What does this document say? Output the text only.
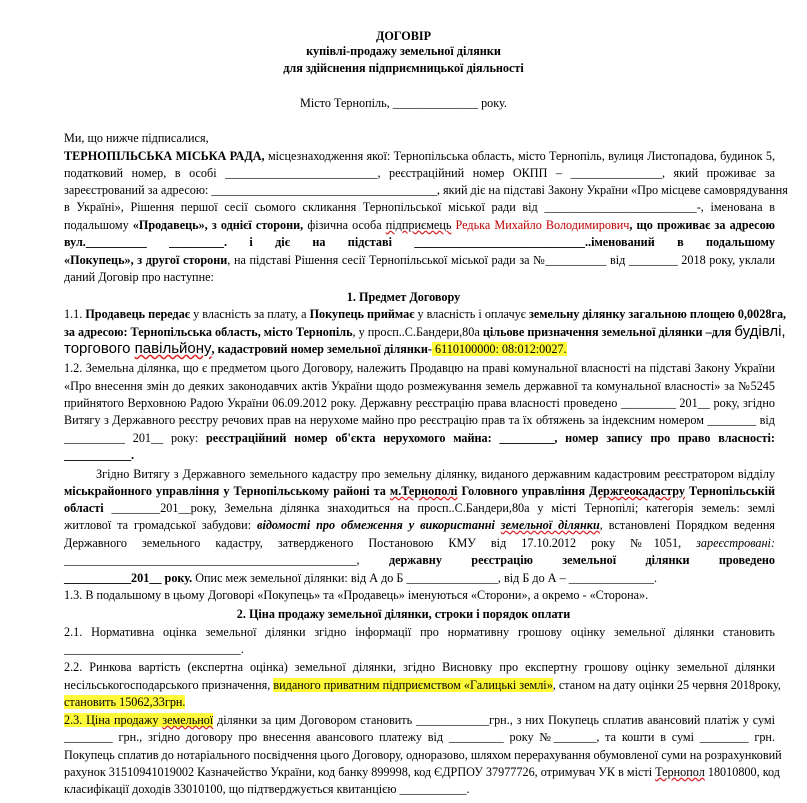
ДОГОВІР
купівлі-продажу земельної ділянки
для здійснення підприємницької діяльності
Місто Тернопіль, ______________ року.
Ми, що нижче підписалися,
ТЕРНОПІЛЬСЬКА МІСЬКА РАДА, місцезнаходження якої: Тернопільська область, місто Тернопіль, вулиця Листопадова, будинок 5,
податковий номер, в особі _________________________, реєстраційний номер ОКПП – _______________, який проживає за
зареєстрований за адресою: _____________________________________, який діє на підставі Закону України «Про місцеве самоврядування
в Україні», Рішення першої сесії сьомого скликання Тернопільської міської ради від _________________________-, іменована в
подальшому «Продавець», з однієї сторони, фізична особа підприємець Редька Михайло Володимирович, що проживає за адресою
вул.__________ _________. і діє на підставі ____________________________..іменований в подальшому
«Покупець», з другої сторони, на підставі Рішення сесії Тернопільської міської ради за №__________ від ________ 2018 року, уклали
даний Договір про наступне:
1. Предмет Договору
1.1. Продавець передає у власність за плату, а Покупець приймає у власність і оплачує земельну ділянку загальною площею 0,0028га,
за адресою: Тернопільська область, місто Тернопіль, у просп..С.Бандери,80а цільове призначення земельної ділянки –для будівлі,
торгового павільйону, кадастровий номер земельної ділянки- 6110100000: 08:012:0027.
1.2. Земельна ділянка, що є предметом цього Договору, належить Продавцю на праві комунальної власності на підставі Закону України
«Про внесення змін до деяких законодавчих актів України щодо розмежування земель державної та комунальної власності» за №5245
прийнятого Верховною Радою України 06.09.2012 року. Державну реєстрацію права власності проведено _________ 201__ року, згідно
Витягу з Державного реєстру речових прав на нерухоме майно про реєстрацію прав та їх обтяжень за індексним номером ________ від
__________ 201__ року: реєстраційний номер об'єкта нерухомого майна: _________, номер запису про право власності:
___________.
Згідно Витягу з Державного земельного кадастру про земельну ділянку, виданого державним кадастровим реєстратором відділу
міськрайонного управління у Тернопільському районі та м.Тернополі Головного управління Держгеокадастру Тернопільській
області ________201__року, Земельна ділянка знаходиться на просп..С.Бандери,80а у місті Тернопілі; категорія земель: землі
житлової та громадської забудови: відомості про обмеження у використанні земельної ділянки, встановлені Порядком ведення
Державного земельного кадастру, затвердженого Постановою КМУ від 17.10.2012 року №1051, зареєстровані:
________________________________________________, державну реєстрацію земельної ділянки проведено
___________201__ року. Опис меж земельної ділянки: від А до Б _______________, від Б до А – ______________.
1.3. В подальшому в цьому Договорі «Покупець» та «Продавець» іменуються «Сторони», а окремо - «Сторона».
2. Ціна продажу земельної ділянки, строки і порядок оплати
2.1. Нормативна оцінка земельної ділянки згідно інформації про нормативну грошову оцінку земельної ділянки становить
_____________________________.
2.2. Ринкова вартість (експертна оцінка) земельної ділянки, згідно Висновку про експертну грошову оцінку земельної ділянки
несільськогосподарського призначення, виданого приватним підприємством «Галицькі землі», станом на дату оцінки 25 червня 2018року,
становить 15062,33грн.
2.3. Ціна продажу земельної ділянки за цим Договором становить ____________грн., з них Покупець сплатив авансовий платіж у сумі
________ грн., згідно договору про внесення авансового платежу від _________ року №_______, та кошти в сумі ________ грн.
Покупець сплатив до нотаріального посвідчення цього Договору, одноразово, шляхом перерахування обумовленої суми на розрахунковий
рахунок 31510941019002 Казначейство України, код банку 899998, код ЄДРПОУ 37977726, отримувач УК в місті Тернопол 18010800, код
класифікації доходів 33010100, що підтверджується квитанцією ___________.
